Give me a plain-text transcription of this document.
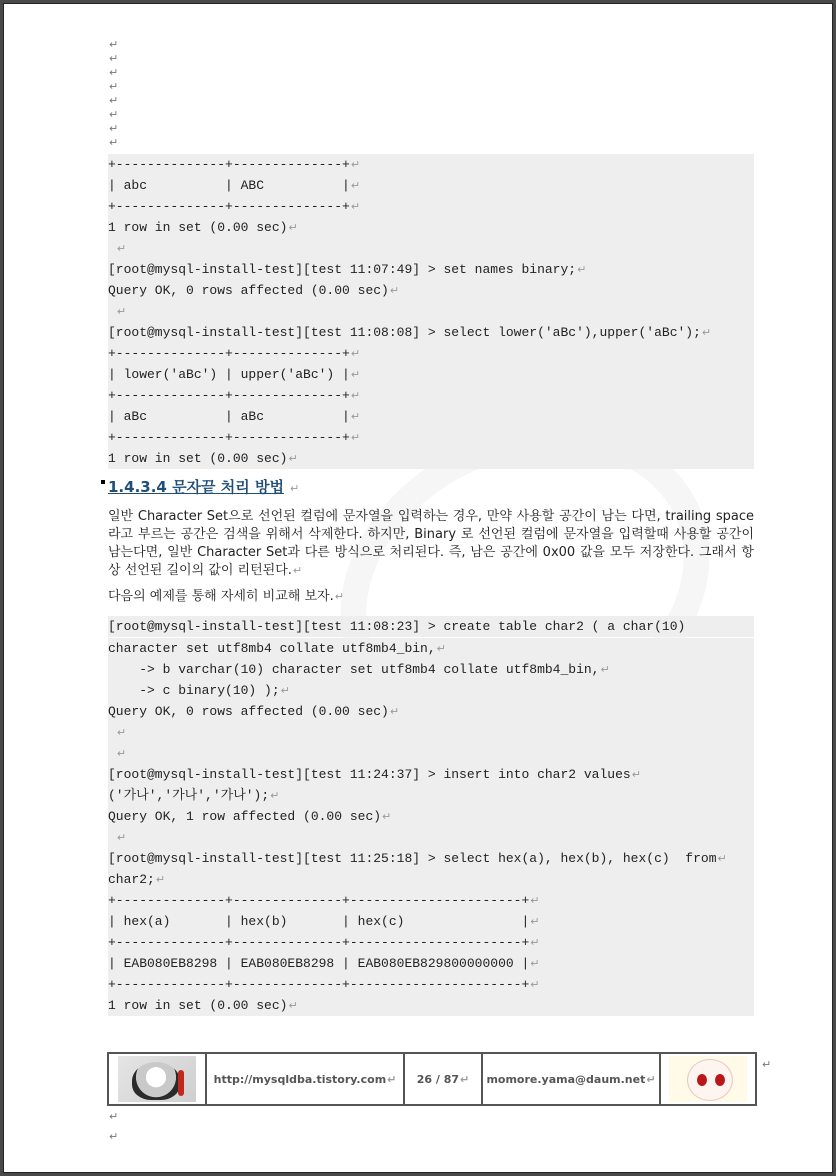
↵
↵
↵
↵
↵
↵
↵
↵
+--------------+--------------+↵
| abc          | ABC          |↵
+--------------+--------------+↵
1 row in set (0.00 sec)↵
↵
[root@mysql-install-test][test 11:07:49] > set names binary;↵
Query OK, 0 rows affected (0.00 sec)↵
↵
[root@mysql-install-test][test 11:08:08] > select lower('aBc'),upper('aBc');↵
+--------------+--------------+↵
| lower('aBc') | upper('aBc') |↵
+--------------+--------------+↵
| aBc          | aBc          |↵
+--------------+--------------+↵
1 row in set (0.00 sec)↵
1.4.3.4 문자끝 처리 방법 ↵
일반 Character Set으로 선언된 컬럼에 문자열을 입력하는 경우, 만약 사용할 공간이 남는 다면, trailing space라고 부르는 공간은 검색을 위해서 삭제한다. 하지만, Binary 로 선언된 컬럼에 문자열을 입력할때 사용할 공간이 남는다면, 일반 Character Set과 다른 방식으로 처리된다. 즉, 남은 공간에 0x00 값을 모두 저장한다. 그래서 항상 선언된 길이의 값이 리턴된다.↵
다음의 예제를 통해 자세히 비교해 보자.↵
[root@mysql-install-test][test 11:08:23] > create table char2 ( a char(10)
character set utf8mb4 collate utf8mb4_bin,↵
-> b varchar(10) character set utf8mb4 collate utf8mb4_bin,↵
-> c binary(10) );↵
Query OK, 0 rows affected (0.00 sec)↵
↵
↵
[root@mysql-install-test][test 11:24:37] > insert into char2 values↵
('가나','가나','가나');↵
Query OK, 1 row affected (0.00 sec)↵
↵
[root@mysql-install-test][test 11:25:18] > select hex(a), hex(b), hex(c)  from↵
char2;↵
+--------------+--------------+----------------------+↵
| hex(a)       | hex(b)       | hex(c)               |↵
+--------------+--------------+----------------------+↵
| EAB080EB8298 | EAB080EB8298 | EAB080EB829800000000 |↵
+--------------+--------------+----------------------+↵
1 row in set (0.00 sec)↵
http://mysqldba.tistory.com ↵ 26 / 87 ↵ momore.yama@daum.net ↵
↵
↵
↵
